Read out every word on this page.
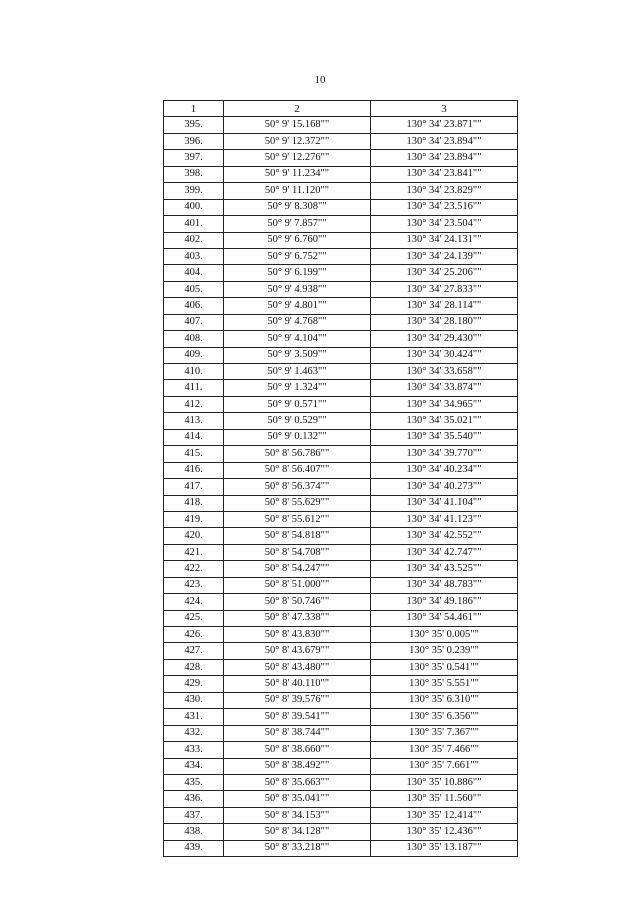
10
1	2	3
395.	50° 9' 15.168""	130° 34' 23.871""
396.	50° 9' 12.372""	130° 34' 23.894""
397.	50° 9' 12.276""	130° 34' 23.894""
398.	50° 9' 11.234""	130° 34' 23.841""
399.	50° 9' 11.120""	130° 34' 23.829""
400.	50° 9' 8.308""	130° 34' 23.516""
401.	50° 9' 7.857""	130° 34' 23.504""
402.	50° 9' 6.760""	130° 34' 24.131""
403.	50° 9' 6.752""	130° 34' 24.139""
404.	50° 9' 6.199""	130° 34' 25.206""
405.	50° 9' 4.938""	130° 34' 27.833""
406.	50° 9' 4.801""	130° 34' 28.114""
407.	50° 9' 4.768""	130° 34' 28.180""
408.	50° 9' 4.104""	130° 34' 29.430""
409.	50° 9' 3.509""	130° 34' 30.424""
410.	50° 9' 1.463""	130° 34' 33.658""
411.	50° 9' 1.324""	130° 34' 33.874""
412.	50° 9' 0.571""	130° 34' 34.965""
413.	50° 9' 0.529""	130° 34' 35.021""
414.	50° 9' 0.132""	130° 34' 35.540""
415.	50° 8' 56.786""	130° 34' 39.770""
416.	50° 8' 56.407""	130° 34' 40.234""
417.	50° 8' 56.374""	130° 34' 40.273""
418.	50° 8' 55.629""	130° 34' 41.104""
419.	50° 8' 55.612""	130° 34' 41.123""
420.	50° 8' 54.818""	130° 34' 42.552""
421.	50° 8' 54.708""	130° 34' 42.747""
422.	50° 8' 54.247""	130° 34' 43.525""
423.	50° 8' 51.000""	130° 34' 48.783""
424.	50° 8' 50.746""	130° 34' 49.186""
425.	50° 8' 47.338""	130° 34' 54.461""
426.	50° 8' 43.830""	130° 35' 0.005""
427.	50° 8' 43.679""	130° 35' 0.239""
428.	50° 8' 43.480""	130° 35' 0.541""
429.	50° 8' 40.110""	130° 35' 5.551""
430.	50° 8' 39.576""	130° 35' 6.310""
431.	50° 8' 39.541""	130° 35' 6.356""
432.	50° 8' 38.744""	130° 35' 7.367""
433.	50° 8' 38.660""	130° 35' 7.466""
434.	50° 8' 38.492""	130° 35' 7.661""
435.	50° 8' 35.663""	130° 35' 10.886""
436.	50° 8' 35.041""	130° 35' 11.560""
437.	50° 8' 34.153""	130° 35' 12.414""
438.	50° 8' 34.128""	130° 35' 12.436""
439.	50° 8' 33.218""	130° 35' 13.187""
